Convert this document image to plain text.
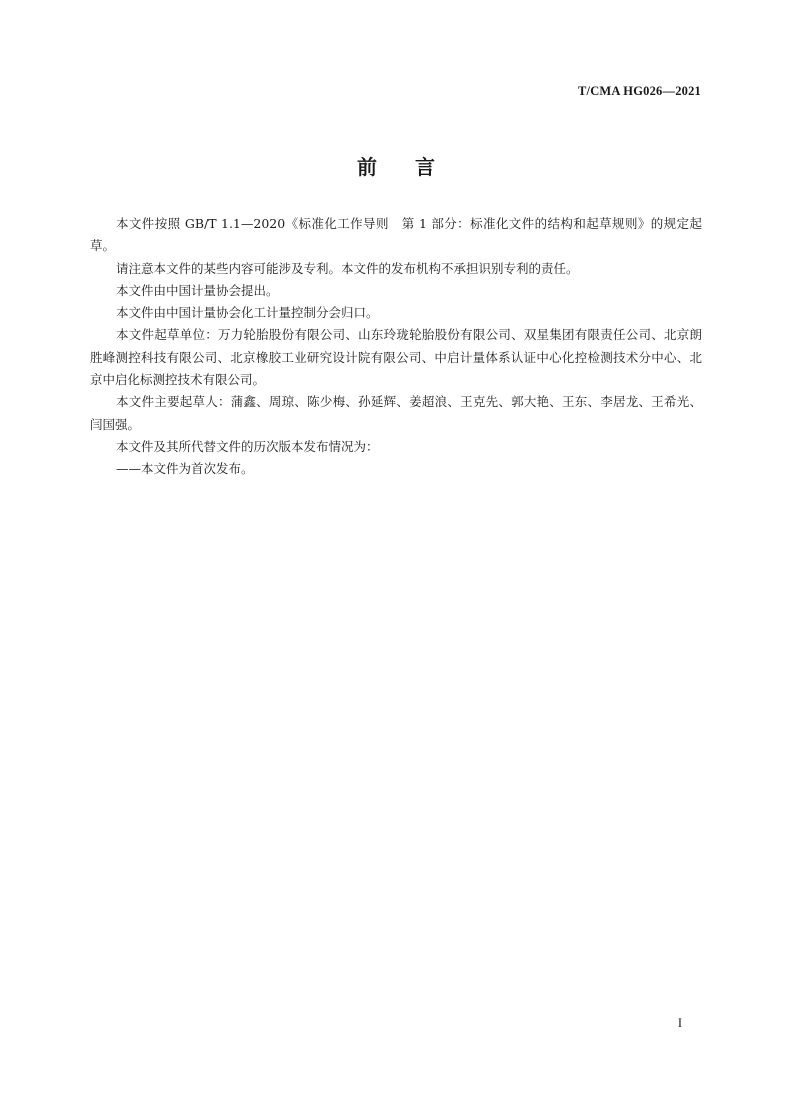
T/CMA HG026—2021
前 言

本文件按照 GB/T 1.1—2020《标准化工作导则　第 1 部分：标准化文件的结构和起草规则》的规定起草。

请注意本文件的某些内容可能涉及专利。本文件的发布机构不承担识别专利的责任。

本文件由中国计量协会提出。

本文件由中国计量协会化工计量控制分会归口。

本文件起草单位：万力轮胎股份有限公司、山东玲珑轮胎股份有限公司、双星集团有限责任公司、北京朗胜峰测控科技有限公司、北京橡胶工业研究设计院有限公司、中启计量体系认证中心化控检测技术分中心、北京中启化标测控技术有限公司。

本文件主要起草人：蒲鑫、周琼、陈少梅、孙延辉、姜超浪、王克先、郭大艳、王东、李居龙、王希光、闫国强。

本文件及其所代替文件的历次版本发布情况为：

——本文件为首次发布。

I
